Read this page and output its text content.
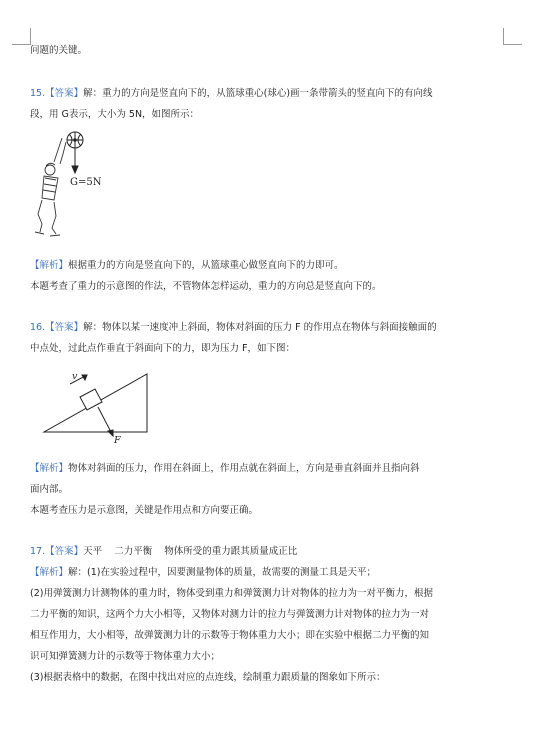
问题的关键。
15.【答案】解：重力的方向是竖直向下的，从篮球重心(球心)画一条带箭头的竖直向下的有向线
段，用 G表示，大小为 5N，如图所示：
G=5N
【解析】根据重力的方向是竖直向下的，从篮球重心做竖直向下的力即可。
本题考查了重力的示意图的作法，不管物体怎样运动，重力的方向总是竖直向下的。
16.【答案】解：物体以某一速度冲上斜面，物体对斜面的压力 F 的作用点在物体与斜面接触面的
中点处，过此点作垂直于斜面向下的力，即为压力 F，如下图：
v
F
【解析】物体对斜面的压力，作用在斜面上，作用点就在斜面上，方向是垂直斜面并且指向斜
面内部。
本题考查压力是示意图，关键是作用点和方向要正确。
17.【答案】天平    二力平衡    物体所受的重力跟其质量成正比
【解析】解：(1)在实验过程中，因要测量物体的质量，故需要的测量工具是天平；
(2)用弹簧测力计测物体的重力时，物体受到重力和弹簧测力计对物体的拉力为一对平衡力，根据
二力平衡的知识，这两个力大小相等，又物体对测力计的拉力与弹簧测力计对物体的拉力为一对
相互作用力，大小相等，故弹簧测力计的示数等于物体重力大小；即在实验中根据二力平衡的知
识可知弹簧测力计的示数等于物体重力大小；
(3)根据表格中的数据，在图中找出对应的点连线，绘制重力跟质量的图象如下所示：
